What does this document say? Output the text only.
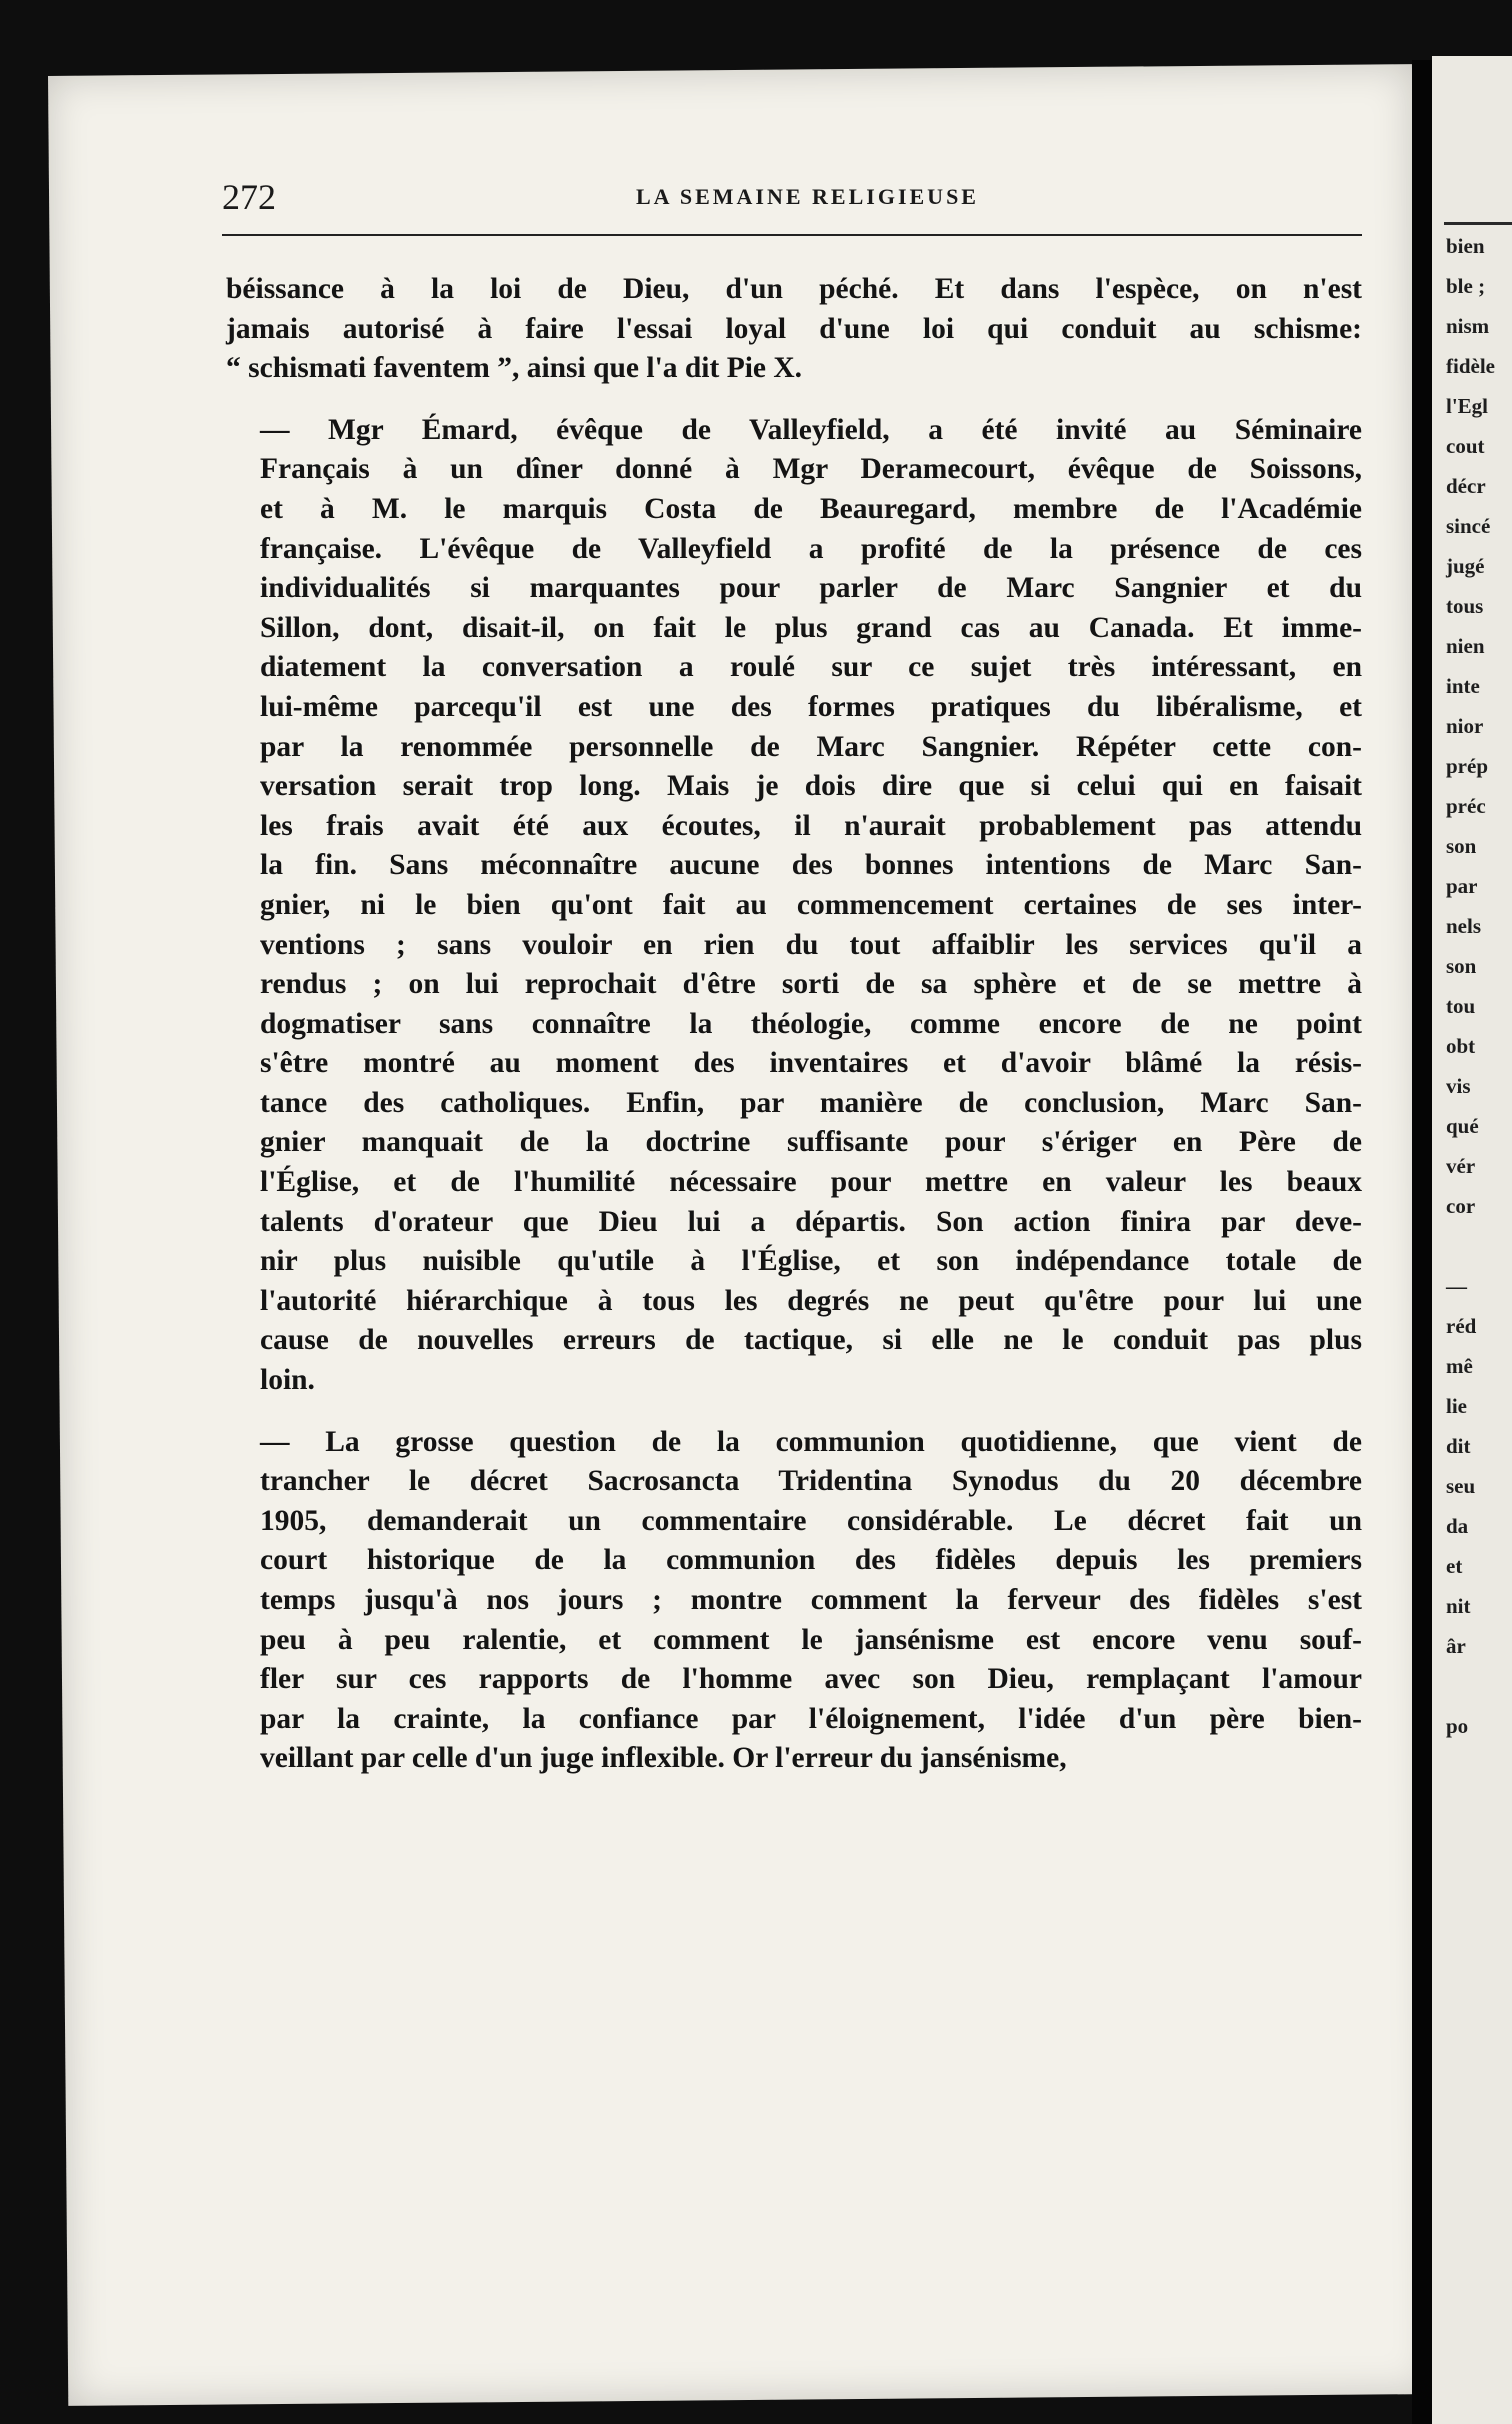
272	LA SEMAINE RELIGIEUSE

béissance à la loi de Dieu, d'un péché. Et dans l'espèce, on n'est
jamais autorisé à faire l'essai loyal d'une loi qui conduit au schisme:
“ schismati faventem ”, ainsi que l'a dit Pie X.

— Mgr Émard, évêque de Valleyfield, a été invité au Séminaire
Français à un dîner donné à Mgr Deramecourt, évêque de Soissons,
et à M. le marquis Costa de Beauregard, membre de l'Académie
française. L'évêque de Valleyfield a profité de la présence de ces
individualités si marquantes pour parler de Marc Sangnier et du
Sillon, dont, disait-il, on fait le plus grand cas au Canada. Et imme-
diatement la conversation a roulé sur ce sujet très intéressant, en
lui-même parcequ'il est une des formes pratiques du libéralisme, et
par la renommée personnelle de Marc Sangnier. Répéter cette con-
versation serait trop long. Mais je dois dire que si celui qui en faisait
les frais avait été aux écoutes, il n'aurait probablement pas attendu
la fin. Sans méconnaître aucune des bonnes intentions de Marc San-
gnier, ni le bien qu'ont fait au commencement certaines de ses inter-
ventions ; sans vouloir en rien du tout affaiblir les services qu'il a
rendus ; on lui reprochait d'être sorti de sa sphère et de se mettre à
dogmatiser sans connaître la théologie, comme encore de ne point
s'être montré au moment des inventaires et d'avoir blâmé la résis-
tance des catholiques. Enfin, par manière de conclusion, Marc San-
gnier manquait de la doctrine suffisante pour s'ériger en Père de
l'Église, et de l'humilité nécessaire pour mettre en valeur les beaux
talents d'orateur que Dieu lui a départis. Son action finira par deve-
nir plus nuisible qu'utile à l'Église, et son indépendance totale de
l'autorité hiérarchique à tous les degrés ne peut qu'être pour lui une
cause de nouvelles erreurs de tactique, si elle ne le conduit pas plus
loin.

— La grosse question de la communion quotidienne, que vient de
trancher le décret Sacrosancta Tridentina Synodus du 20 décembre
1905, demanderait un commentaire considérable. Le décret fait un
court historique de la communion des fidèles depuis les premiers
temps jusqu'à nos jours ; montre comment la ferveur des fidèles s'est
peu à peu ralentie, et comment le jansénisme est encore venu souf-
fler sur ces rapports de l'homme avec son Dieu, remplaçant l'amour
par la crainte, la confiance par l'éloignement, l'idée d'un père bien-
veillant par celle d'un juge inflexible. Or l'erreur du jansénisme,

bien
ble ;
nism
fidèle
l'Egl
cout
décr
sincé
jugé
tous
nien
inte
nior
prép
préc
son
par
nels
son
tou
obt
vis
qué
vér
cor
—
réd
mê
lie
dit
seu
da
et
nit
âr
po
